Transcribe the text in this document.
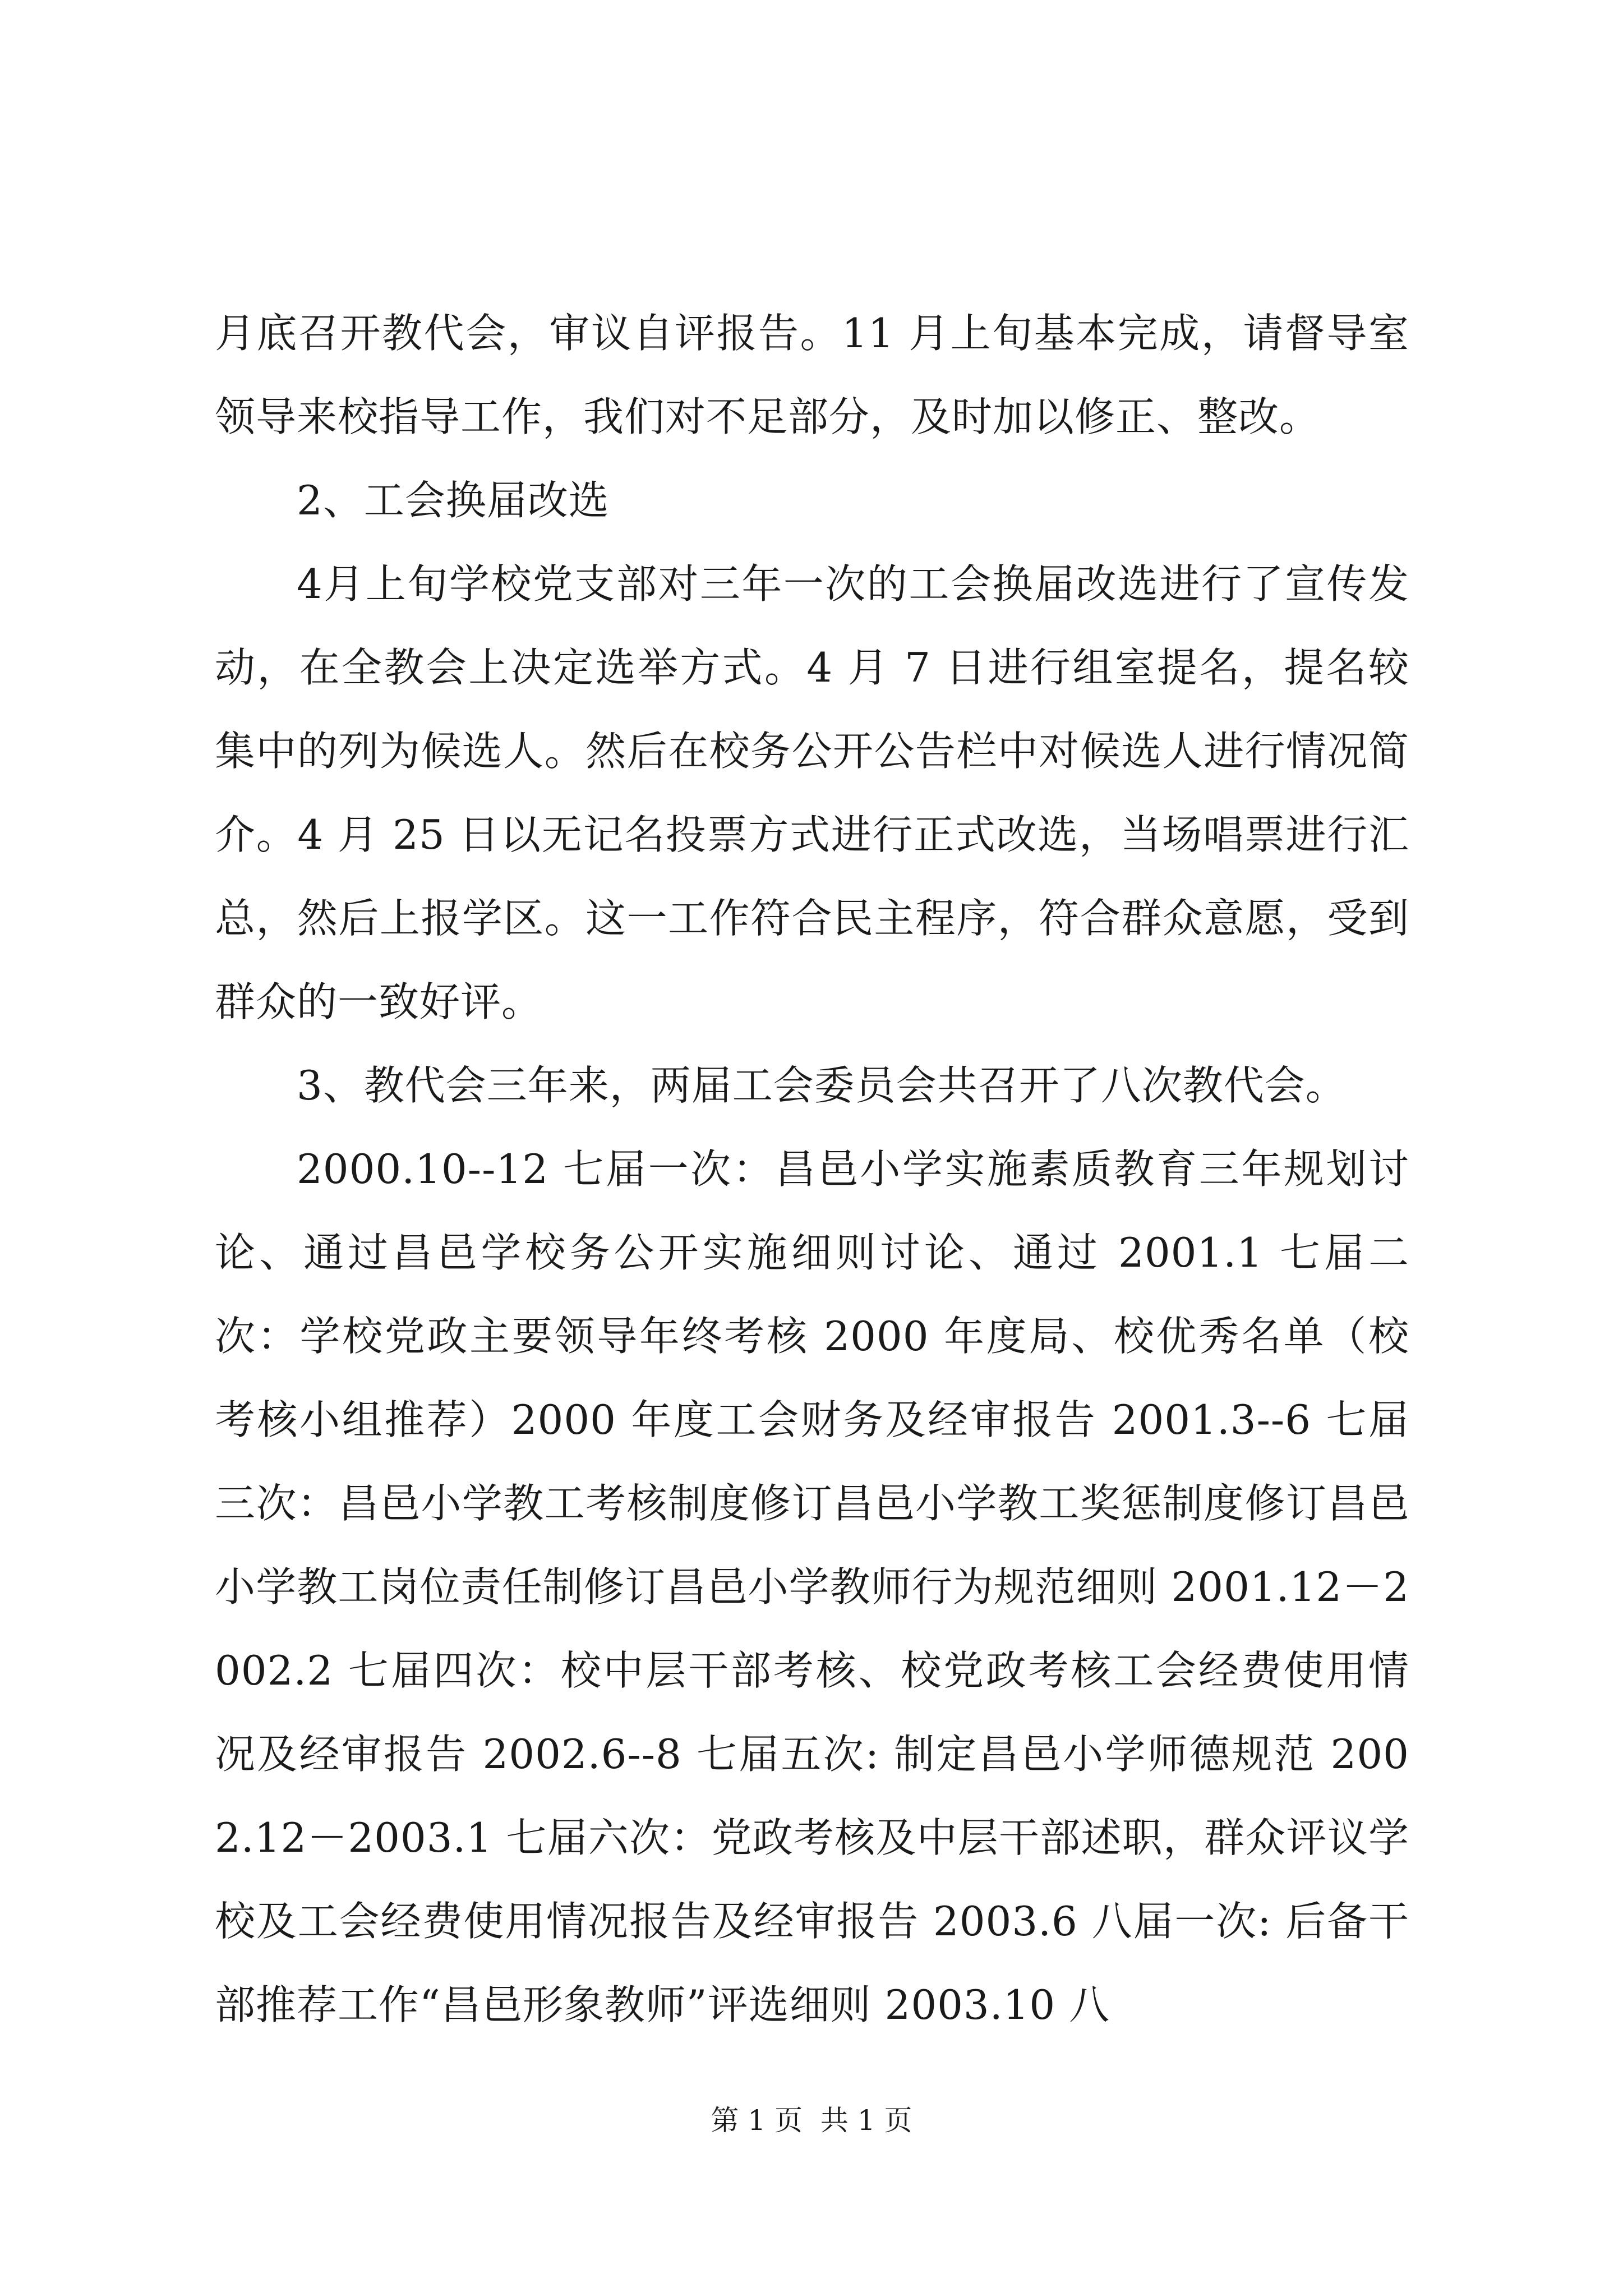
月底召开教代会，审议自评报告。11 月上旬基本完成，请督导室领导来校指导工作，我们对不足部分，及时加以修正、整改。

2、工会换届改选

4月上旬学校党支部对三年一次的工会换届改选进行了宣传发动，在全教会上决定选举方式。4 月 7 日进行组室提名，提名较集中的列为候选人。然后在校务公开公告栏中对候选人进行情况简介。4 月 25 日以无记名投票方式进行正式改选，当场唱票进行汇总，然后上报学区。这一工作符合民主程序，符合群众意愿，受到群众的一致好评。

3、教代会三年来，两届工会委员会共召开了八次教代会。

2000.10--12 七届一次：昌邑小学实施素质教育三年规划讨论、通过昌邑学校务公开实施细则讨论、通过 2001.1 七届二次：学校党政主要领导年终考核 2000 年度局、校优秀名单（校考核小组推荐）2000 年度工会财务及经审报告 2001.3--6 七届三次：昌邑小学教工考核制度修订昌邑小学教工奖惩制度修订昌邑小学教工岗位责任制修订昌邑小学教师行为规范细则 2001.12－2002.2 七届四次：校中层干部考核、校党政考核工会经费使用情况及经审报告 2002.6--8 七届五次: 制定昌邑小学师德规范 2002.12－2003.1 七届六次：党政考核及中层干部述职，群众评议学校及工会经费使用情况报告及经审报告 2003.6 八届一次: 后备干部推荐工作“昌邑形象教师”评选细则 2003.10 八

第 1 页  共 1 页
